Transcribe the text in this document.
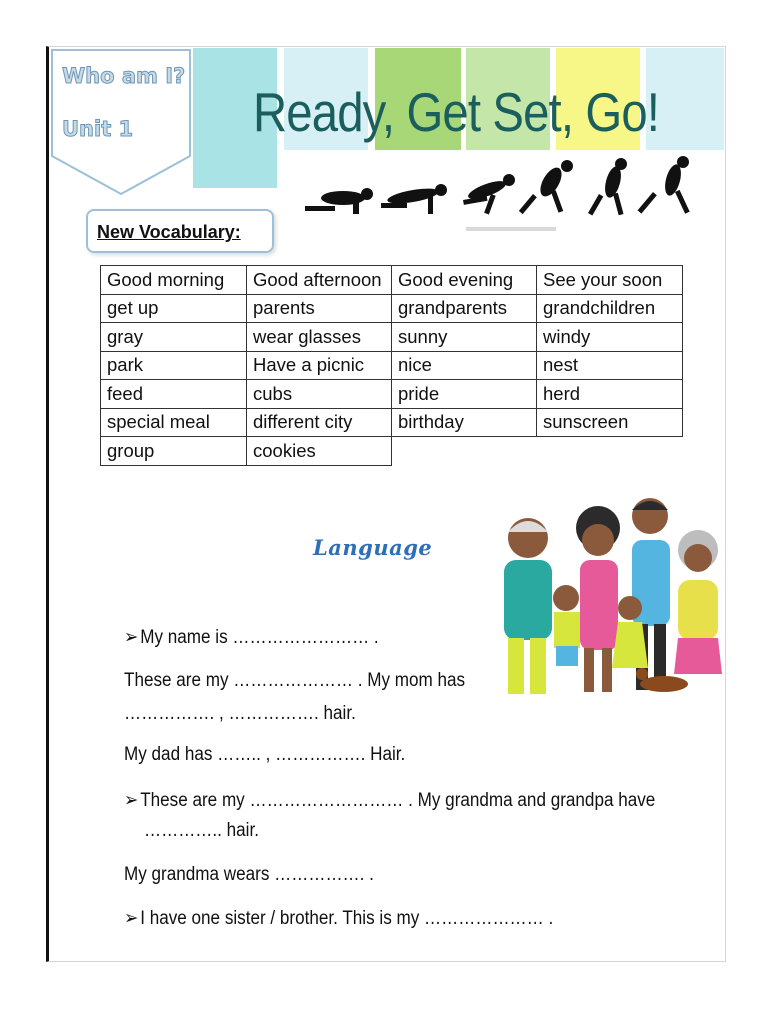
Who am I?
Unit 1 Ready, Get Set, Go!
New Vocabulary:
Good morning	Good afternoon	Good evening	See your soon
get up	parents	grandparents	grandchildren
gray	wear glasses	sunny	windy
park	Have a picnic	nice	nest
feed	cubs	pride	herd
special meal	different city	birthday	sunscreen
group	cookies		
Language
➢My name is …………………… .
These are my ………………… . My mom has
……………. , ……………. hair.
My dad has …….. , ……………. Hair.
➢These are my ……………………… . My grandma and grandpa have
………….. hair.
My grandma wears ……………. .
➢I have one sister / brother. This is my ………………… .
